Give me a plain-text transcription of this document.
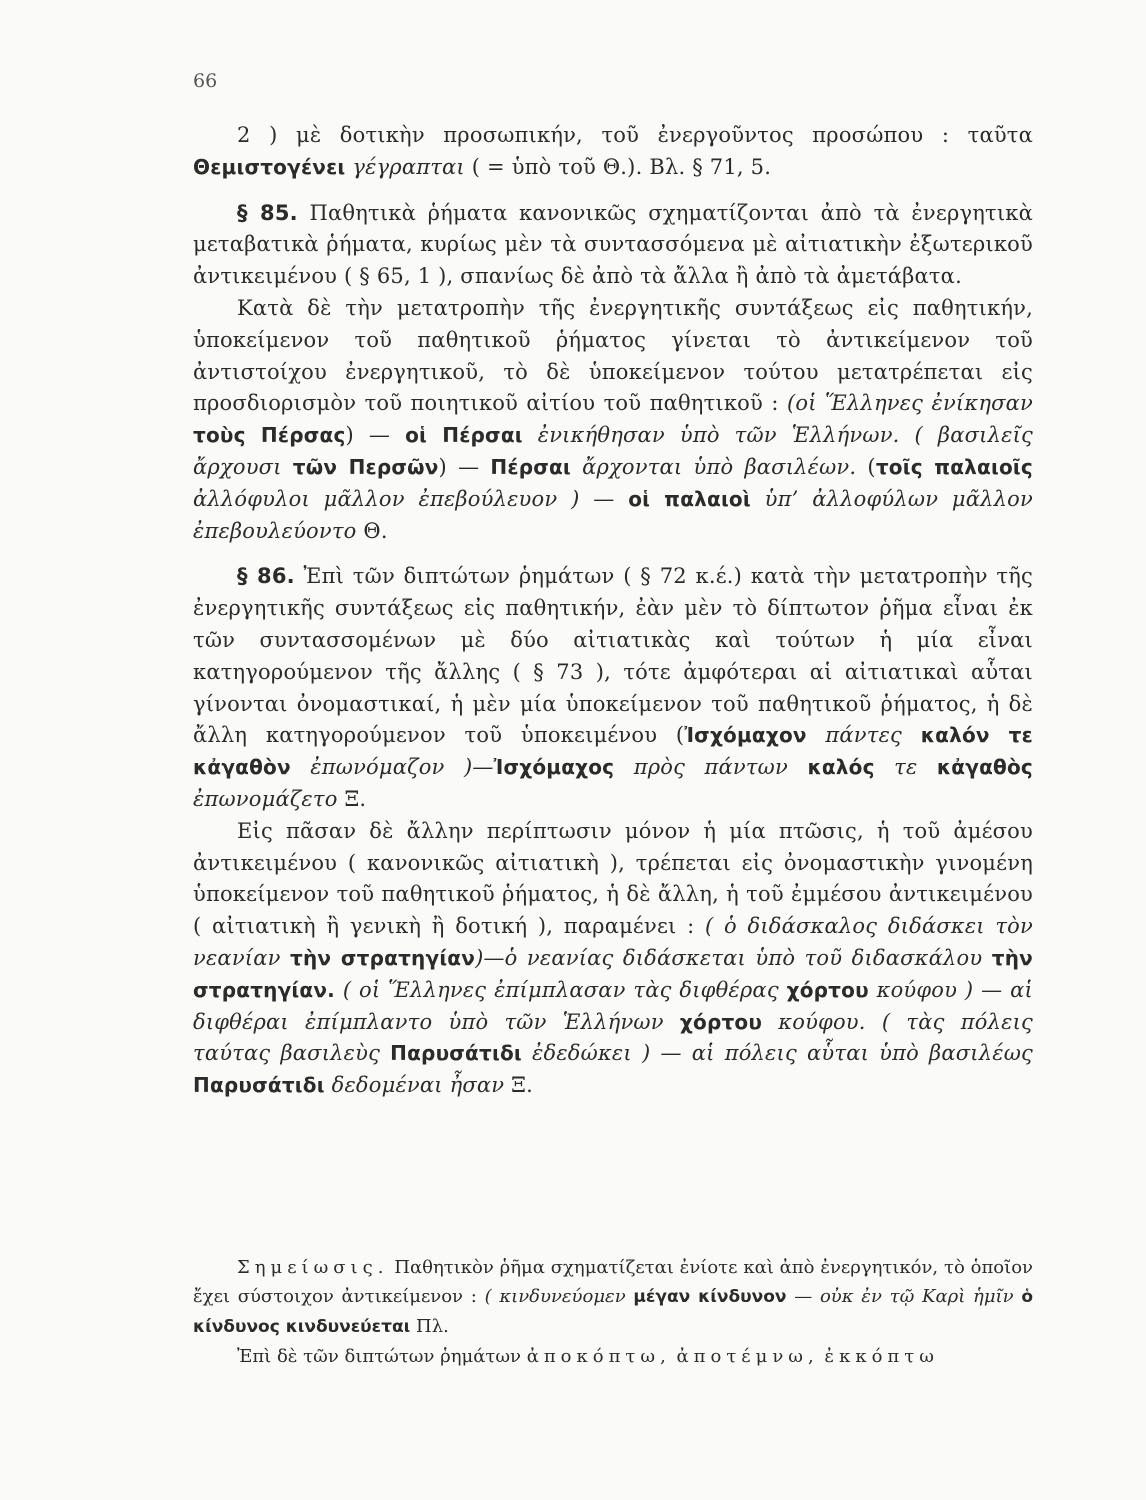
66

2 ) μὲ δοτικὴν προσωπικήν, τοῦ ἐνεργοῦντος προσώπου : ταῦτα Θεμιστογένει γέγραπται ( = ὑπὸ τοῦ Θ.). Βλ. § 71, 5.

§ 85. Παθητικὰ ῥήματα κανονικῶς σχηματίζονται ἀπὸ τὰ ἐνεργητικὰ μεταβατικὰ ῥήματα, κυρίως μὲν τὰ συντασσόμενα μὲ αἰτιατικὴν ἐξωτερικοῦ ἀντικειμένου ( § 65, 1 ), σπανίως δὲ ἀπὸ τὰ ἄλλα ἢ ἀπὸ τὰ ἀμετάβατα.

Κατὰ δὲ τὴν μετατροπὴν τῆς ἐνεργητικῆς συντάξεως εἰς παθητικήν, ὑποκείμενον τοῦ παθητικοῦ ῥήματος γίνεται τὸ ἀντικείμενον τοῦ ἀντιστοίχου ἐνεργητικοῦ, τὸ δὲ ὑποκείμενον τούτου μετατρέπεται εἰς προσδιορισμὸν τοῦ ποιητικοῦ αἰτίου τοῦ παθητικοῦ : (οἱ Ἕλληνες ἐνίκησαν τοὺς Πέρσας) — οἱ Πέρσαι ἐνικήθησαν ὑπὸ τῶν Ἑλλήνων. ( βασιλεῖς ἄρχουσι τῶν Περσῶν) — Πέρσαι ἄρχονται ὑπὸ βασιλέων. (τοῖς παλαιοῖς ἀλλόφυλοι μᾶλλον ἐπεβούλευον ) — οἱ παλαιοὶ ὑπ’ ἀλλοφύλων μᾶλλον ἐπεβουλεύοντο Θ.

§ 86. Ἐπὶ τῶν διπτώτων ῥημάτων ( § 72 κ.έ.) κατὰ τὴν μετατροπὴν τῆς ἐνεργητικῆς συντάξεως εἰς παθητικήν, ἐὰν μὲν τὸ δίπτωτον ῥῆμα εἶναι ἐκ τῶν συντασσομένων μὲ δύο αἰτιατικὰς καὶ τούτων ἡ μία εἶναι κατηγορούμενον τῆς ἄλλης ( § 73 ), τότε ἀμφότεραι αἱ αἰτιατικαὶ αὗται γίνονται ὀνομαστικαί, ἡ μὲν μία ὑποκείμενον τοῦ παθητικοῦ ῥήματος, ἡ δὲ ἄλλη κατηγορούμενον τοῦ ὑποκειμένου (Ἰσχόμαχον πάντες καλόν τε κἀγαθὸν ἐπωνόμαζον )—Ἰσχόμαχος πρὸς πάντων καλός τε κἀγαθὸς ἐπωνομάζετο Ξ.

Εἰς πᾶσαν δὲ ἄλλην περίπτωσιν μόνον ἡ μία πτῶσις, ἡ τοῦ ἀμέσου ἀντικειμένου ( κανονικῶς αἰτιατικὴ ), τρέπεται εἰς ὀνομαστικὴν γινομένη ὑποκείμενον τοῦ παθητικοῦ ῥήματος, ἡ δὲ ἄλλη, ἡ τοῦ ἐμμέσου ἀντικειμένου ( αἰτιατικὴ ἢ γενικὴ ἢ δοτική ), παραμένει : ( ὁ διδάσκαλος διδάσκει τὸν νεανίαν τὴν στρατηγίαν)—ὁ νεανίας διδάσκεται ὑπὸ τοῦ διδασκάλου τὴν στρατηγίαν. ( οἱ Ἕλληνες ἐπίμπλασαν τὰς διφθέρας χόρτου κούφου ) — αἱ διφθέραι ἐπίμπλαντο ὑπὸ τῶν Ἑλλήνων χόρτου κούφου. ( τὰς πόλεις ταύτας βασιλεὺς Παρυσάτιδι ἐδεδώκει ) — αἱ πόλεις αὗται ὑπὸ βασιλέως Παρυσάτιδι δεδομέναι ἦσαν Ξ.

Σημείωσις. Παθητικὸν ῥῆμα σχηματίζεται ἐνίοτε καὶ ἀπὸ ἐνεργητικόν, τὸ ὁποῖον ἔχει σύστοιχον ἀντικείμενον : ( κινδυνεύομεν μέγαν κίνδυνον — οὐκ ἐν τῷ Καρὶ ἡμῖν ὁ κίνδυνος κινδυνεύεται Πλ.

Ἐπὶ δὲ τῶν διπτώτων ῥημάτων ἀποκόπτω, ἀποτέμνω, ἐκκόπτω
